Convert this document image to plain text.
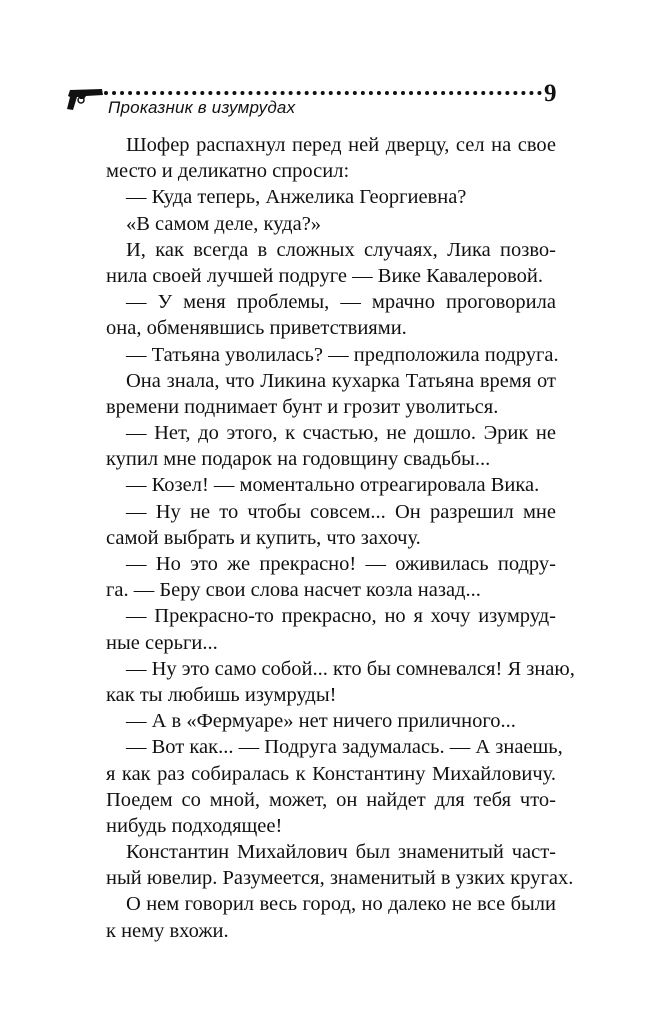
Проказник в изумрудах
9
Шофер распахнул перед ней дверцу, сел на свое
место и деликатно спросил:
— Куда теперь, Анжелика Георгиевна?
«В самом деле, куда?»
И, как всегда в сложных случаях, Лика позво-
нила своей лучшей подруге — Вике Кавалеровой.
— У меня проблемы, — мрачно проговорила
она, обменявшись приветствиями.
— Татьяна уволилась? — предположила подруга.
Она знала, что Ликина кухарка Татьяна время от
времени поднимает бунт и грозит уволиться.
— Нет, до этого, к счастью, не дошло. Эрик не
купил мне подарок на годовщину свадьбы...
— Козел! — моментально отреагировала Вика.
— Ну не то чтобы совсем... Он разрешил мне
самой выбрать и купить, что захочу.
— Но это же прекрасно! — оживилась подру-
га. — Беру свои слова насчет козла назад...
— Прекрасно-то прекрасно, но я хочу изумруд-
ные серьги...
— Ну это само собой... кто бы сомневался! Я знаю,
как ты любишь изумруды!
— А в «Фермуаре» нет ничего приличного...
— Вот как... — Подруга задумалась. — А знаешь,
я как раз собиралась к Константину Михайловичу.
Поедем со мной, может, он найдет для тебя что-
нибудь подходящее!
Константин Михайлович был знаменитый част-
ный ювелир. Разумеется, знаменитый в узких кругах.
О нем говорил весь город, но далеко не все были
к нему вхожи.
